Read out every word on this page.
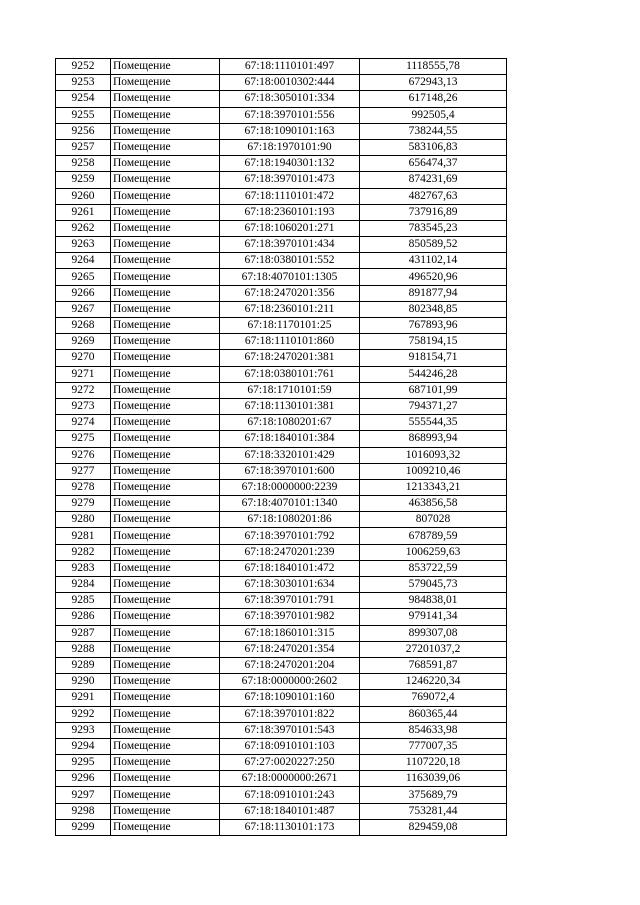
9252	Помещение	67:18:1110101:497	1118555,78
9253	Помещение	67:18:0010302:444	672943,13
9254	Помещение	67:18:3050101:334	617148,26
9255	Помещение	67:18:3970101:556	992505,4
9256	Помещение	67:18:1090101:163	738244,55
9257	Помещение	67:18:1970101:90	583106,83
9258	Помещение	67:18:1940301:132	656474,37
9259	Помещение	67:18:3970101:473	874231,69
9260	Помещение	67:18:1110101:472	482767,63
9261	Помещение	67:18:2360101:193	737916,89
9262	Помещение	67:18:1060201:271	783545,23
9263	Помещение	67:18:3970101:434	850589,52
9264	Помещение	67:18:0380101:552	431102,14
9265	Помещение	67:18:4070101:1305	496520,96
9266	Помещение	67:18:2470201:356	891877,94
9267	Помещение	67:18:2360101:211	802348,85
9268	Помещение	67:18:1170101:25	767893,96
9269	Помещение	67:18:1110101:860	758194,15
9270	Помещение	67:18:2470201:381	918154,71
9271	Помещение	67:18:0380101:761	544246,28
9272	Помещение	67:18:1710101:59	687101,99
9273	Помещение	67:18:1130101:381	794371,27
9274	Помещение	67:18:1080201:67	555544,35
9275	Помещение	67:18:1840101:384	868993,94
9276	Помещение	67:18:3320101:429	1016093,32
9277	Помещение	67:18:3970101:600	1009210,46
9278	Помещение	67:18:0000000:2239	1213343,21
9279	Помещение	67:18:4070101:1340	463856,58
9280	Помещение	67:18:1080201:86	807028
9281	Помещение	67:18:3970101:792	678789,59
9282	Помещение	67:18:2470201:239	1006259,63
9283	Помещение	67:18:1840101:472	853722,59
9284	Помещение	67:18:3030101:634	579045,73
9285	Помещение	67:18:3970101:791	984838,01
9286	Помещение	67:18:3970101:982	979141,34
9287	Помещение	67:18:1860101:315	899307,08
9288	Помещение	67:18:2470201:354	27201037,2
9289	Помещение	67:18:2470201:204	768591,87
9290	Помещение	67:18:0000000:2602	1246220,34
9291	Помещение	67:18:1090101:160	769072,4
9292	Помещение	67:18:3970101:822	860365,44
9293	Помещение	67:18:3970101:543	854633,98
9294	Помещение	67:18:0910101:103	777007,35
9295	Помещение	67:27:0020227:250	1107220,18
9296	Помещение	67:18:0000000:2671	1163039,06
9297	Помещение	67:18:0910101:243	375689,79
9298	Помещение	67:18:1840101:487	753281,44
9299	Помещение	67:18:1130101:173	829459,08
